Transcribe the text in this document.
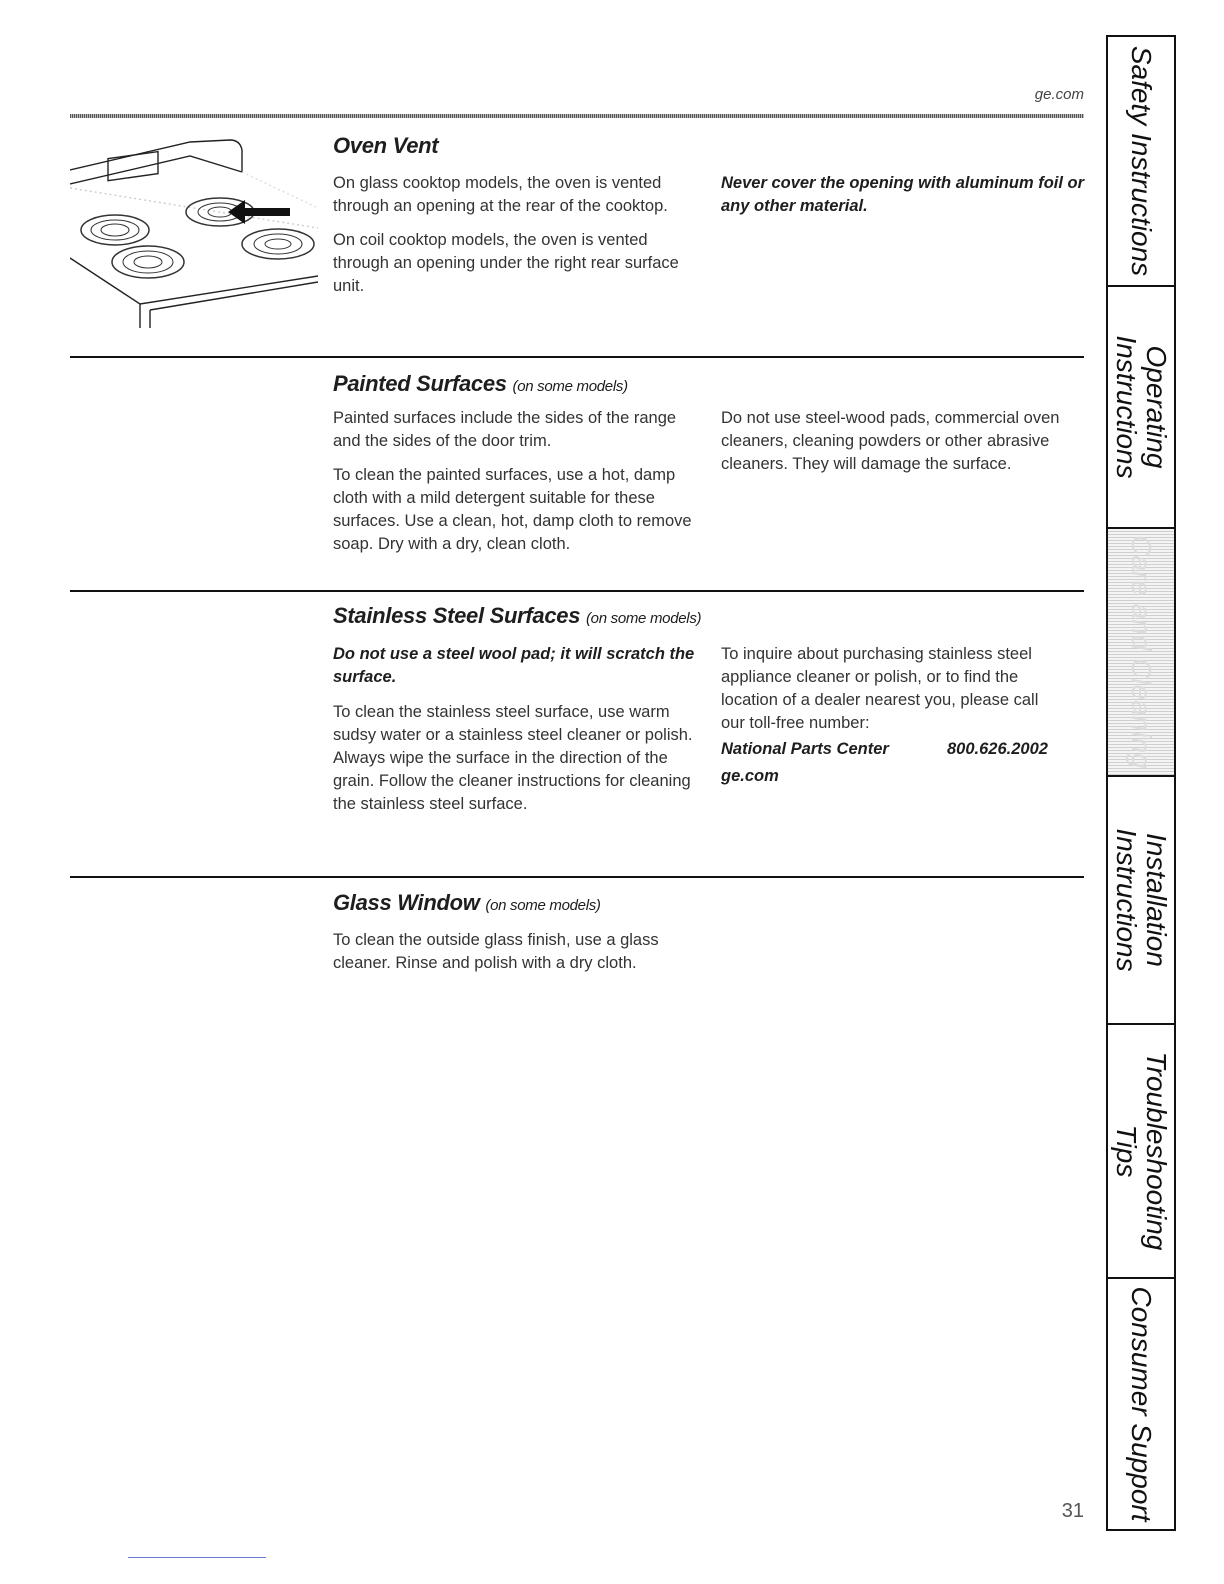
ge.com
Oven Vent

On glass cooktop models, the oven is vented through an opening at the rear of the cooktop.

On coil cooktop models, the oven is vented through an opening under the right rear surface unit.

Never cover the opening with aluminum foil or any other material.
Painted Surfaces (on some models)

Painted surfaces include the sides of the range and the sides of the door trim.

To clean the painted surfaces, use a hot, damp cloth with a mild detergent suitable for these surfaces. Use a clean, hot, damp cloth to remove soap. Dry with a dry, clean cloth.

Do not use steel-wood pads, commercial oven cleaners, cleaning powders or other abrasive cleaners. They will damage the surface.
Stainless Steel Surfaces (on some models)

Do not use a steel wool pad; it will scratch the surface.

To clean the stainless steel surface, use warm sudsy water or a stainless steel cleaner or polish. Always wipe the surface in the direction of the grain. Follow the cleaner instructions for cleaning the stainless steel surface.

To inquire about purchasing stainless steel appliance cleaner or polish, or to find the location of a dealer nearest you, please call our toll-free number:
National Parts Center	800.626.2002
ge.com
Glass Window (on some models)
To clean the outside glass finish, use a glass cleaner. Rinse and polish with a dry cloth.
31
Safety Instructions
Operating
Instructions
Care and Cleaning
Installation
Instructions
Troubleshooting
Tips
Consumer Support
